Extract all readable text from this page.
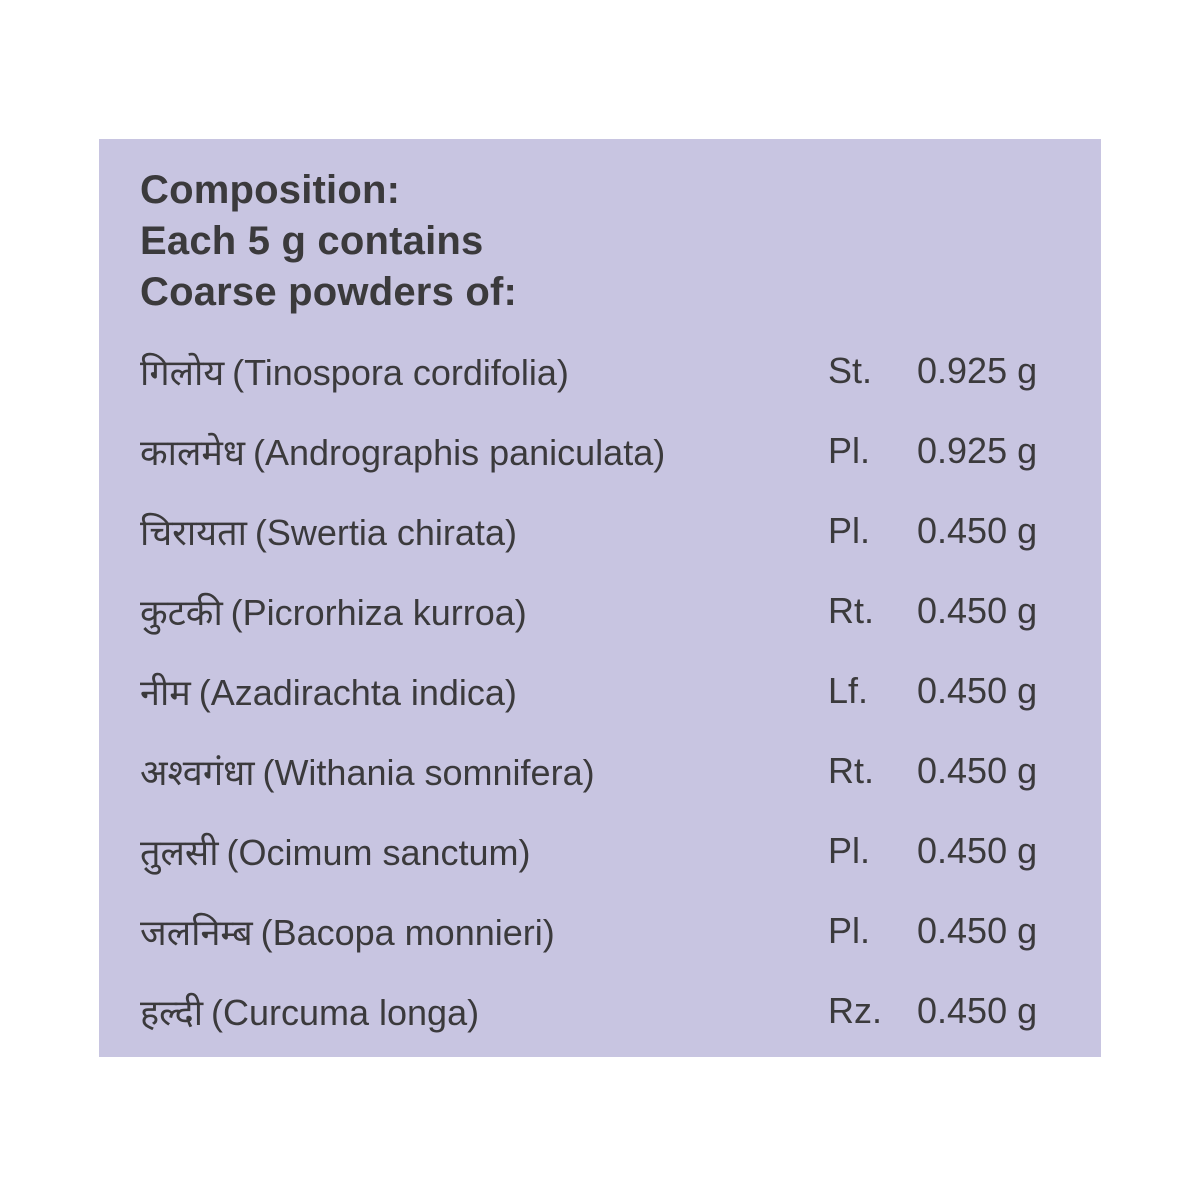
Composition:
Each 5 g contains
Coarse powders of:
गिलोय (Tinospora cordifolia)	St.	0.925 g
कालमेध (Andrographis paniculata)	Pl.	0.925 g
चिरायता (Swertia chirata)	Pl.	0.450 g
कुटकी (Picrorhiza kurroa)	Rt.	0.450 g
नीम (Azadirachta indica)	Lf.	0.450 g
अश्वगंधा (Withania somnifera)	Rt.	0.450 g
तुलसी (Ocimum sanctum)	Pl.	0.450 g
जलनिम्ब (Bacopa monnieri)	Pl.	0.450 g
हल्दी (Curcuma longa)	Rz. 0.450 g
